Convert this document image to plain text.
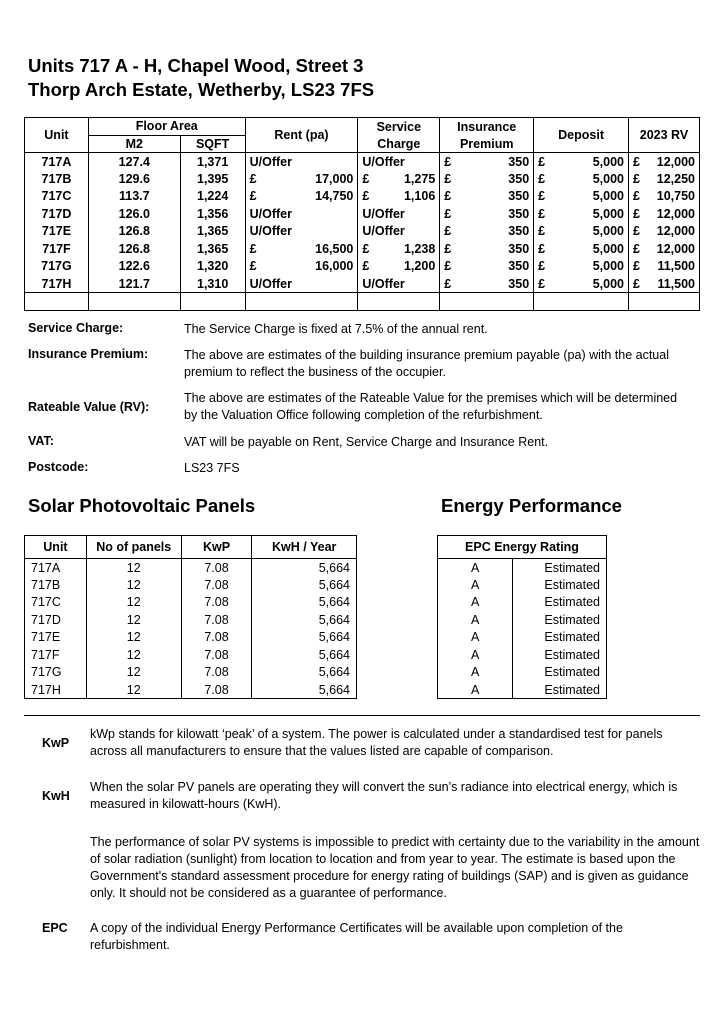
Units 717 A - H, Chapel Wood, Street 3
Thorp Arch Estate, Wetherby, LS23 7FS
Unit	Floor Area		Rent (pa)	Service	Insurance	Deposit	2023 RV
	M2	SQFT		Charge	Premium		
717A	127.4	1,371	U/Offer	U/Offer	£ 350	£ 5,000	£ 12,000

717B	129.6	1,395	£ 17,000	£ 1,275	£ 350	£ 5,000	£ 12,250

717C	113.7	1,224	£ 14,750	£ 1,106	£ 350	£ 5,000	£ 10,750

717D	126.0	1,356	U/Offer	U/Offer	£ 350	£ 5,000	£ 12,000

717E	126.8	1,365	U/Offer	U/Offer	£ 350	£ 5,000	£ 12,000

717F	126.8	1,365	£ 16,500	£ 1,238	£ 350	£ 5,000	£ 12,000

717G	122.6	1,320	£ 16,000	£ 1,200	£ 350	£ 5,000	£ 11,500

717H	121.7	1,310	U/Offer	U/Offer	£ 350	£ 5,000	£ 11,500

Service Charge:	The Service Charge is fixed at 7.5% of the annual rent.
Insurance Premium:	The above are estimates of the building insurance premium payable (pa) with the actual premium to reflect the business of the occupier.
Rateable Value (RV):
The above are estimates of the Rateable Value for the premises which will be determined by the Valuation Office following completion of the refurbishment.
VAT:	VAT will be payable on Rent, Service Charge and Insurance Rent.
Postcode:	LS23 7FS
Solar Photovoltaic Panels	Energy Performance
Unit	No of panels	KwP	KwH / Year
717A	12	7.08	5,664
717B	12	7.08	5,664
717C	12	7.08	5,664
717D	12	7.08	5,664
717E	12	7.08	5,664
717F	12	7.08	5,664
717G	12	7.08	5,664
717H	12	7.08	5,664
EPC Energy Rating	
A	Estimated
A	Estimated
A	Estimated
A	Estimated
A	Estimated
A	Estimated
A	Estimated
A	Estimated
KwP
kWp stands for kilowatt ‘peak’ of a system. The power is calculated under a standardised test for panels across all manufacturers to ensure that the values listed are capable of comparison.
KwH
When the solar PV panels are operating they will convert the sun’s radiance into electrical energy, which is measured in kilowatt-hours (KwH).
The performance of solar PV systems is impossible to predict with certainty due to the variability in the amount of solar radiation (sunlight) from location to location and from year to year. The estimate is based upon the Government's standard assessment procedure for energy rating of buildings (SAP) and is given as guidance only. It should not be considered as a guarantee of performance.
EPC A copy of the individual Energy Performance Certificates will be available upon completion of the refurbishment.
